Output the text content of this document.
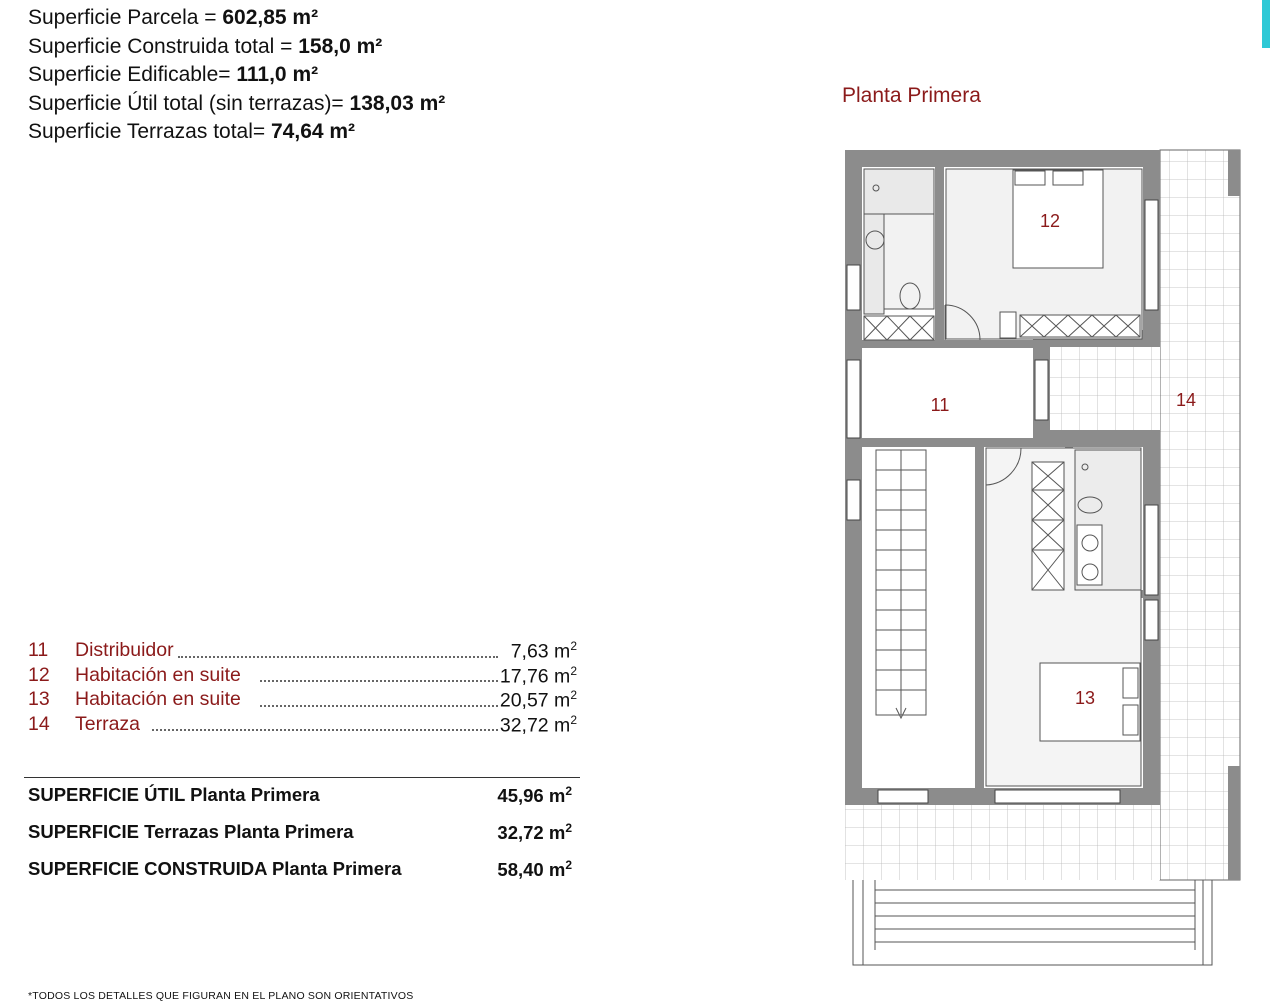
Superficie Parcela = 602,85 m²
Superficie Construida total = 158,0 m²
Superficie Edificable= 111,0 m²
Superficie Útil total (sin terrazas)= 138,03 m²
Superficie Terrazas total= 74,64 m²
Planta Primera
11 Distribuidor	7,63 $m^2$
12 Habitación en suite	17,76 $m^2$
13 Habitación en suite	20,57 $m^2$
14 Terraza	32,72 $m^2$
SUPERFICIE ÚTIL Planta Primera	45,96 $m^2$
SUPERFICIE Terrazas Planta Primera	32,72 $m^2$
SUPERFICIE CONSTRUIDA Planta Primera	58,40 $m^2$
*TODOS LOS DETALLES QUE FIGURAN EN EL PLANO SON ORIENTATIVOS
12
11	14
13
